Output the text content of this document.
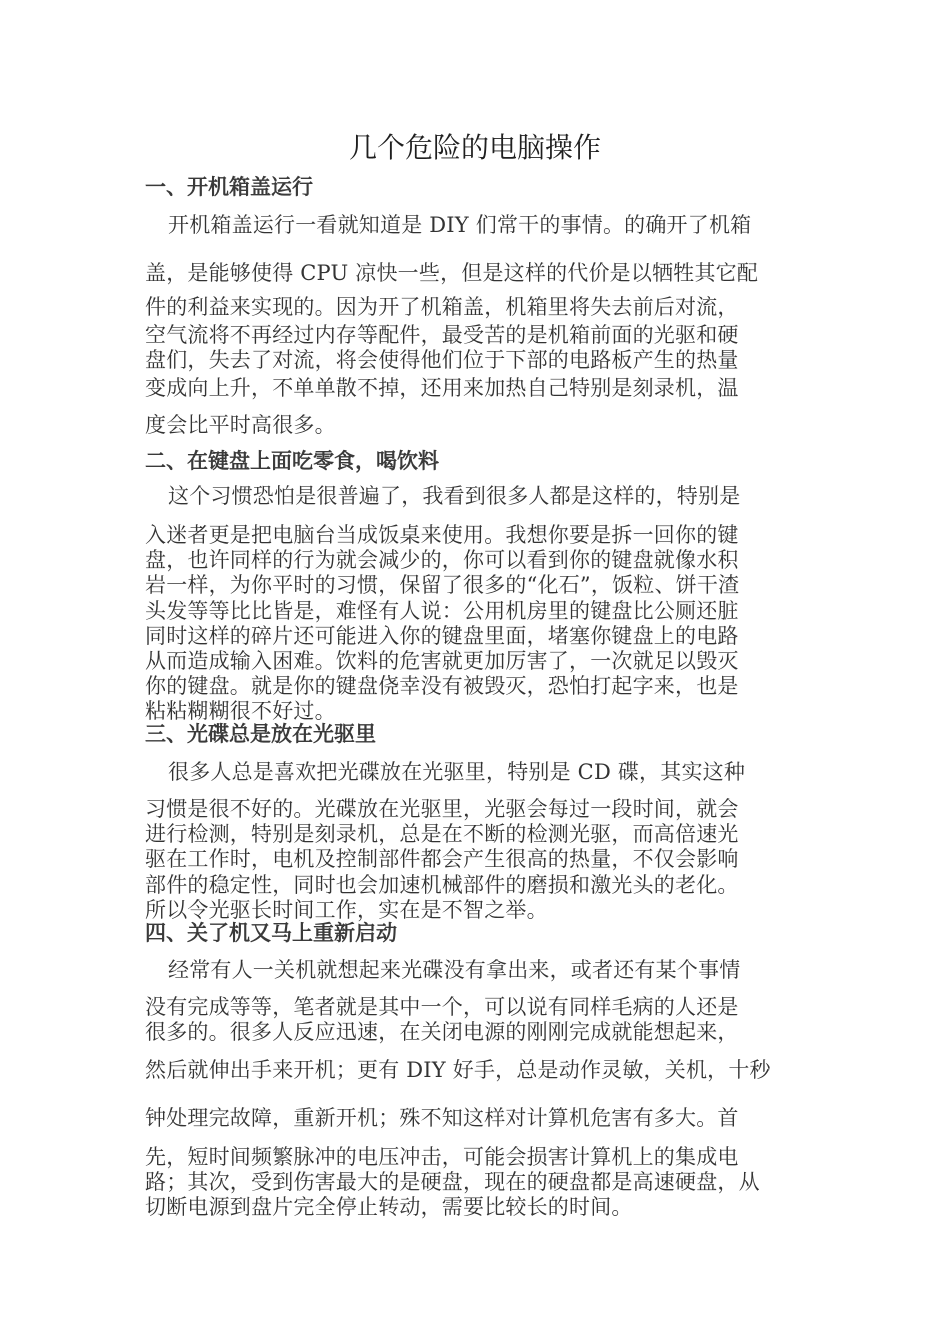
几个危险的电脑操作
一、开机箱盖运行
开机箱盖运行一看就知道是 DIY 们常干的事情。的确开了机箱
盖，是能够使得 CPU 凉快一些，但是这样的代价是以牺牲其它配
件的利益来实现的。因为开了机箱盖，机箱里将失去前后对流，
空气流将不再经过内存等配件，最受苦的是机箱前面的光驱和硬
盘们，失去了对流，将会使得他们位于下部的电路板产生的热量
变成向上升，不单单散不掉，还用来加热自己特别是刻录机，温
度会比平时高很多。
二、在键盘上面吃零食，喝饮料
这个习惯恐怕是很普遍了，我看到很多人都是这样的，特别是
入迷者更是把电脑台当成饭桌来使用。我想你要是拆一回你的键
盘，也许同样的行为就会减少的，你可以看到你的键盘就像水积
岩一样，为你平时的习惯，保留了很多的“化石”，饭粒、饼干渣
头发等等比比皆是，难怪有人说：公用机房里的键盘比公厕还脏
同时这样的碎片还可能进入你的键盘里面，堵塞你键盘上的电路
从而造成输入困难。饮料的危害就更加厉害了，一次就足以毁灭
你的键盘。就是你的键盘侥幸没有被毁灭，恐怕打起字来，也是
粘粘糊糊很不好过。
三、光碟总是放在光驱里
很多人总是喜欢把光碟放在光驱里，特别是 CD 碟，其实这种
习惯是很不好的。光碟放在光驱里，光驱会每过一段时间，就会
进行检测，特别是刻录机，总是在不断的检测光驱，而高倍速光
驱在工作时，电机及控制部件都会产生很高的热量，不仅会影响
部件的稳定性，同时也会加速机械部件的磨损和激光头的老化。
所以令光驱长时间工作，实在是不智之举。
四、关了机又马上重新启动
经常有人一关机就想起来光碟没有拿出来，或者还有某个事情
没有完成等等，笔者就是其中一个，可以说有同样毛病的人还是
很多的。很多人反应迅速，在关闭电源的刚刚完成就能想起来，
然后就伸出手来开机；更有 DIY 好手，总是动作灵敏，关机，十秒
钟处理完故障，重新开机；殊不知这样对计算机危害有多大。首
先，短时间频繁脉冲的电压冲击，可能会损害计算机上的集成电
路；其次，受到伤害最大的是硬盘，现在的硬盘都是高速硬盘，从
切断电源到盘片完全停止转动，需要比较长的时间。
